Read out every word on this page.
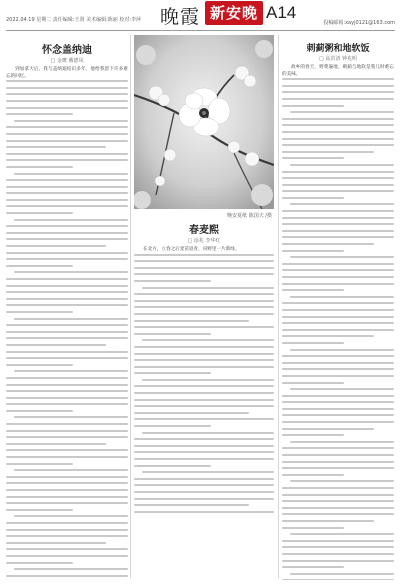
2022.04.19 星期二 责任编辑:王贤 美术编辑:陈丽 校对:李萍 晚霞 新安晚 A14
投稿邮箱:xayj0121@163.com
怀念盖纳迪
□ 金鹰 戴德凤

到加拿大后，我与盖纳迪结识多年，他给我留下许多难忘的回忆。

晚安夏纸 陈国夫 /摄
春麦熙
□ 涂兆 李华红

在北方，立春之后麦苗返青，田野里一片新绿。

刺蓟粥和地软饭
□ 高洪清 钟兆明

故乡的春天，野菜遍地，刺蓟与地软是我儿时难忘的美味。
